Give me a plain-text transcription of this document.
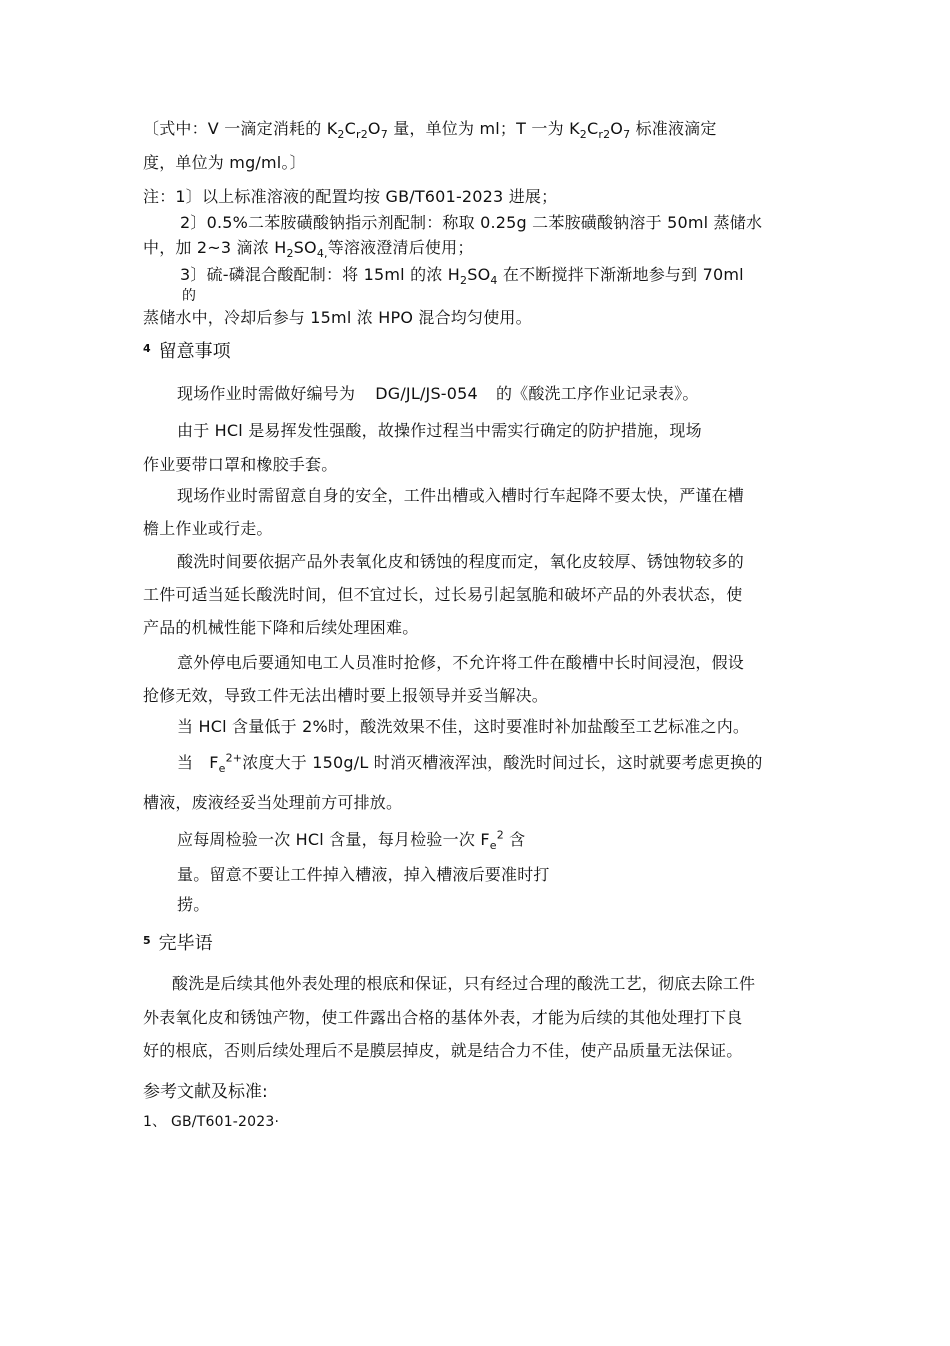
〔式中：V 一滴定消耗的 $K_2C_{r2}O_7$ 量，单位为 ml；T 一为 $K_2C_{r2}O_7$ 标准液滴定
度，单位为 mg/ml。〕
注：1〕以上标准溶液的配置均按 GB/T601-2023 进展；
2〕0.5%二苯胺磺酸钠指示剂配制：称取 0.25g 二苯胺磺酸钠溶于 50ml 蒸储水
中，加 2~3 滴浓 $H_2SO_{4,}$等溶液澄清后使用；
3〕硫-磷混合酸配制：将 15ml 的浓 $H_2SO_4$ 在不断搅拌下渐渐地参与到 70ml
的
蒸储水中，冷却后参与 15ml 浓 HPO 混合均匀使用。
$^4$ 留意事项
现场作业时需做好编号为 DG/JL/JS-054 的《酸洗工序作业记录表》。
由于 HCl 是易挥发性强酸，故操作过程当中需实行确定的防护措施，现场
作业要带口罩和橡胶手套。
现场作业时需留意自身的安全，工件出槽或入槽时行车起降不要太快，严谨在槽
檐上作业或行走。
酸洗时间要依据产品外表氧化皮和锈蚀的程度而定，氧化皮较厚、锈蚀物较多的
工件可适当延长酸洗时间，但不宜过长，过长易引起氢脆和破坏产品的外表状态，使
产品的机械性能下降和后续处理困难。
意外停电后要通知电工人员准时抢修，不允许将工件在酸槽中长时间浸泡，假设
抢修无效，导致工件无法出槽时要上报领导并妥当解决。
当 HCl 含量低于 2%时，酸洗效果不佳，这时要准时补加盐酸至工艺标准之内。
当 $F_e^{2+}$浓度大于 150g/L 时消灭槽液浑浊，酸洗时间过长，这时就要考虑更换的
槽液，废液经妥当处理前方可排放。
应每周检验一次 HCl 含量，每月检验一次 $F_e^2$ 含
量。留意不要让工件掉入槽液，掉入槽液后要准时打
捞。
$^5$ 完毕语
酸洗是后续其他外表处理的根底和保证，只有经过合理的酸洗工艺，彻底去除工件
外表氧化皮和锈蚀产物，使工件露出合格的基体外表，才能为后续的其他处理打下良
好的根底，否则后续处理后不是膜层掉皮，就是结合力不佳，使产品质量无法保证。
参考文献及标准:
1、 GB/T601-2023·
